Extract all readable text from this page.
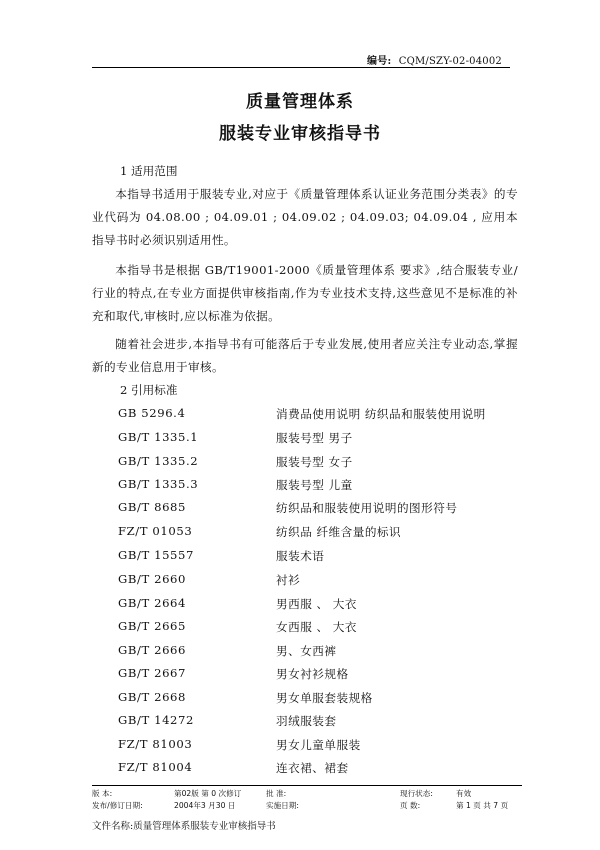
编号: CQM/SZY-02-04002
质量管理体系
服装专业审核指导书
1 适用范围
本指导书适用于服装专业,对应于《质量管理体系认证业务范围分类表》的专业代码为 04.08.00 ; 04.09.01 ; 04.09.02 ; 04.09.03; 04.09.04 , 应用本指导书时必须识别适用性。
本指导书是根据 GB/T19001-2000《质量管理体系 要求》,结合服装专业/行业的特点,在专业方面提供审核指南,作为专业技术支持,这些意见不是标准的补充和取代,审核时,应以标准为依据。
随着社会进步,本指导书有可能落后于专业发展,使用者应关注专业动态,掌握新的专业信息用于审核。
2 引用标准
GB 5296.4	消费品使用说明 纺织品和服装使用说明
GB/T 1335.1	服装号型 男子
GB/T 1335.2	服装号型 女子
GB/T 1335.3	服装号型 儿童
GB/T 8685	纺织品和服装使用说明的图形符号
FZ/T 01053	纺织品 纤维含量的标识
GB/T 15557	服装术语
GB/T 2660	衬衫
GB/T 2664	男西服 、 大衣
GB/T 2665	女西服 、 大衣
GB/T 2666	男、女西裤
GB/T 2667	男女衬衫规格
GB/T 2668	男女单服套装规格
GB/T 14272	羽绒服装套
FZ/T 81003	男女儿童单服装
FZ/T 81004	连衣裙、裙套
版 本:	第02版 第 0 次修订	批 准:	现行状态:	有效
发布/修订日期:	2004年3 月30 日	实施日期:	页 数:	第 1 页 共 7 页
文件名称:质量管理体系服装专业审核指导书
